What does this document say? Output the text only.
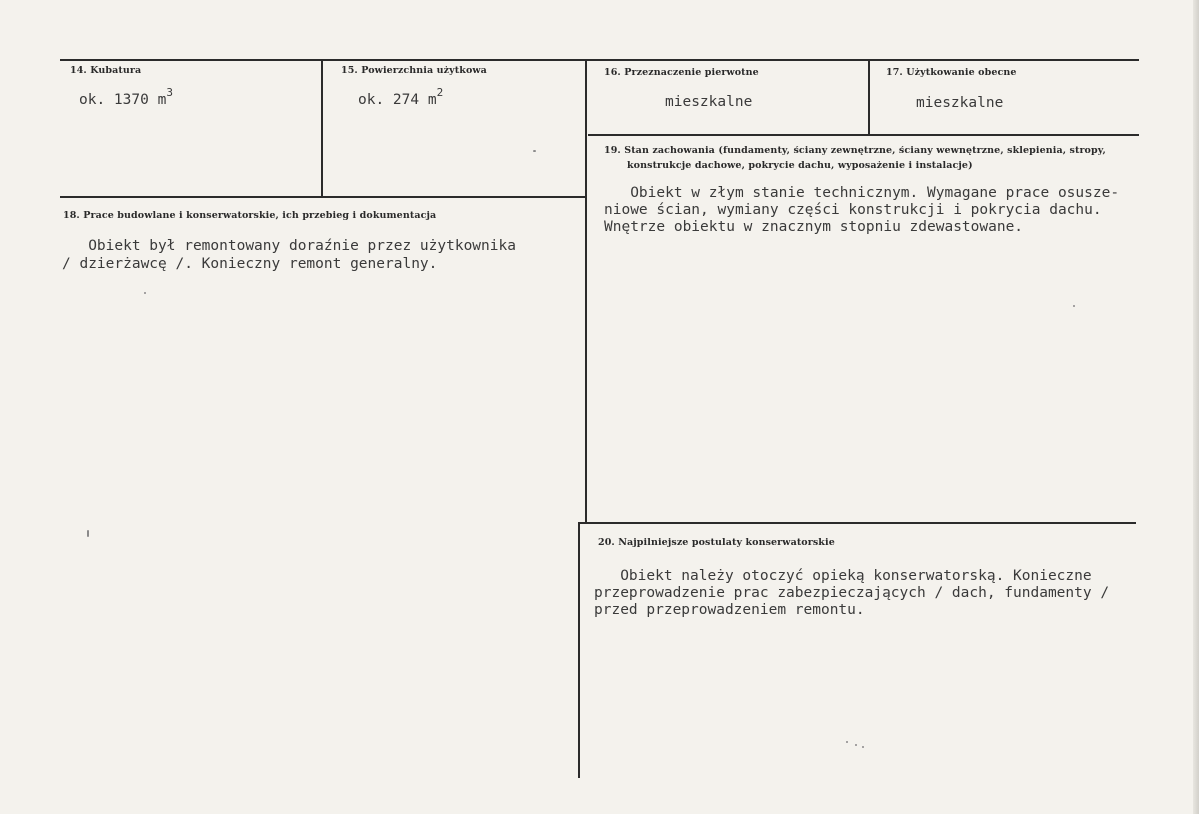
14. Kubatura
ok. 1370 $m^3$
15. Powierzchnia użytkowa
ok. 274 $m^2$
16. Przeznaczenie pierwotne
mieszkalne
17. Użytkowanie obecne
mieszkalne
18. Prace budowlane i konserwatorskie, ich przebieg i dokumentacja
Obiekt był remontowany doraźnie przez użytkownika
/ dzierżawcę /. Konieczny remont generalny.
19. Stan zachowania (fundamenty, ściany zewnętrzne, ściany wewnętrzne, sklepienia, stropy,
konstrukcje dachowe, pokrycie dachu, wyposażenie i instalacje)
Obiekt w złym stanie technicznym. Wymagane prace osusze-
niowe ścian, wymiany części konstrukcji i pokrycia dachu.
Wnętrze obiektu w znacznym stopniu zdewastowane.
20. Najpilniejsze postulaty konserwatorskie
Obiekt należy otoczyć opieką konserwatorską. Konieczne
przeprowadzenie prac zabezpieczających / dach, fundamenty /
przed przeprowadzeniem remontu.
